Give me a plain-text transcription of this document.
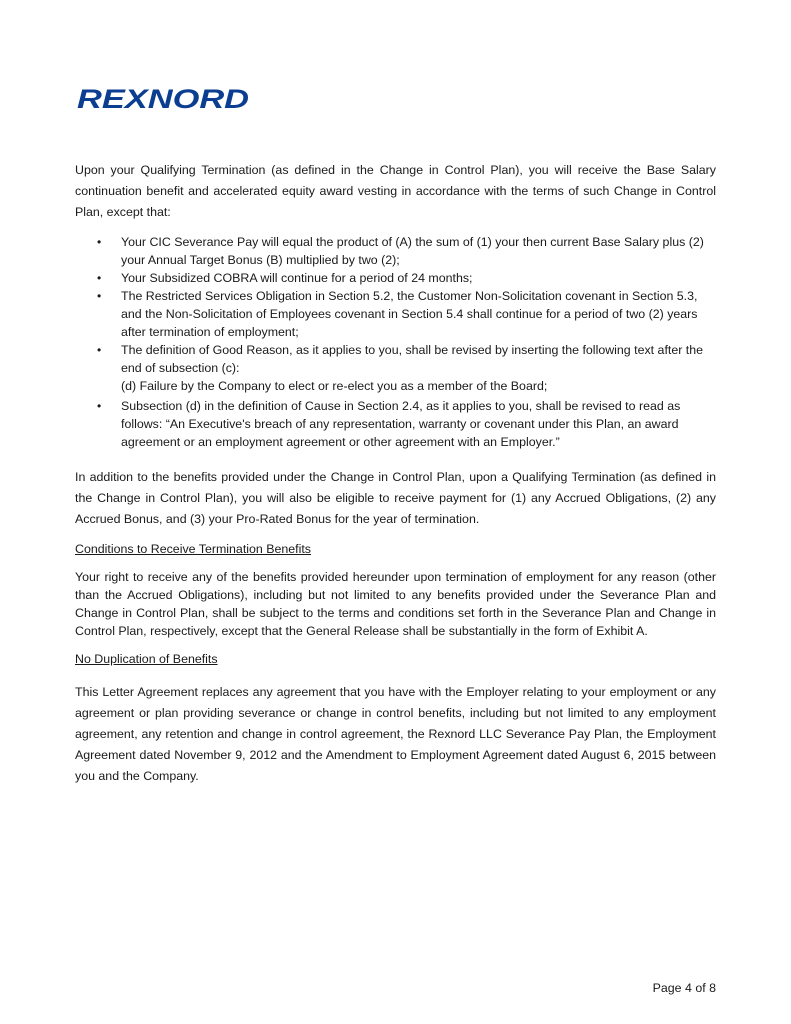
REXNORD

Upon your Qualifying Termination (as defined in the Change in Control Plan), you will receive the Base Salary continuation benefit and accelerated equity award vesting in accordance with the terms of such Change in Control Plan, except that:

• Your CIC Severance Pay will equal the product of (A) the sum of (1) your then current Base Salary plus (2) your Annual Target Bonus (B) multiplied by two (2);
• Your Subsidized COBRA will continue for a period of 24 months;
• The Restricted Services Obligation in Section 5.2, the Customer Non-Solicitation covenant in Section 5.3, and the Non-Solicitation of Employees covenant in Section 5.4 shall continue for a period of two (2) years after termination of employment;
• The definition of Good Reason, as it applies to you, shall be revised by inserting the following text after the end of subsection (c):
(d) Failure by the Company to elect or re-elect you as a member of the Board;
• Subsection (d) in the definition of Cause in Section 2.4, as it applies to you, shall be revised to read as follows: “An Executive's breach of any representation, warranty or covenant under this Plan, an award agreement or an employment agreement or other agreement with an Employer.”

In addition to the benefits provided under the Change in Control Plan, upon a Qualifying Termination (as defined in the Change in Control Plan), you will also be eligible to receive payment for (1) any Accrued Obligations, (2) any Accrued Bonus, and (3) your Pro-Rated Bonus for the year of termination.

Conditions to Receive Termination Benefits

Your right to receive any of the benefits provided hereunder upon termination of employment for any reason (other than the Accrued Obligations), including but not limited to any benefits provided under the Severance Plan and Change in Control Plan, shall be subject to the terms and conditions set forth in the Severance Plan and Change in Control Plan, respectively, except that the General Release shall be substantially in the form of Exhibit A.

No Duplication of Benefits

This Letter Agreement replaces any agreement that you have with the Employer relating to your employment or any agreement or plan providing severance or change in control benefits, including but not limited to any employment agreement, any retention and change in control agreement, the Rexnord LLC Severance Pay Plan, the Employment Agreement dated November 9, 2012 and the Amendment to Employment Agreement dated August 6, 2015 between you and the Company.

Page 4 of 8
